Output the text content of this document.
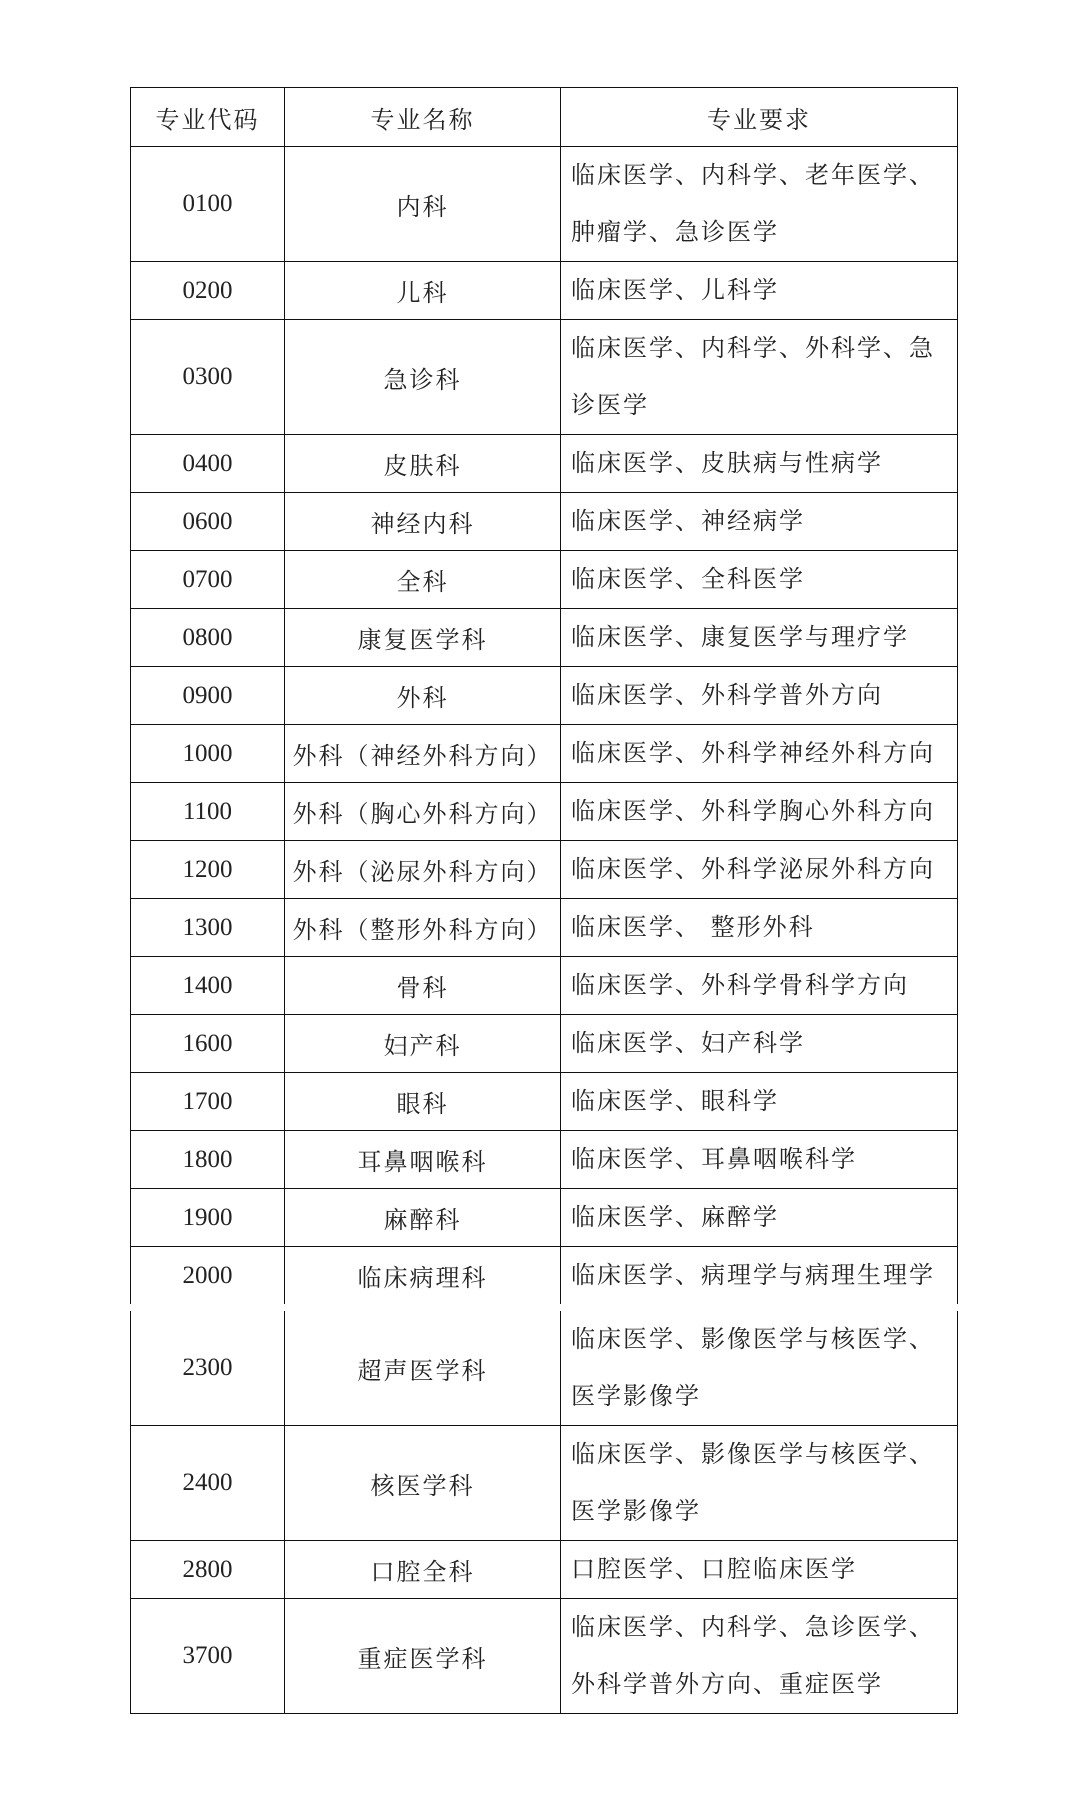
专业代码	专业名称	专业要求
0100	内科	临床医学、内科学、老年医学、肿瘤学、急诊医学
0200	儿科	临床医学、儿科学
0300	急诊科	临床医学、内科学、外科学、急诊医学
0400	皮肤科	临床医学、皮肤病与性病学
0600	神经内科	临床医学、神经病学
0700	全科	临床医学、全科医学
0800	康复医学科	临床医学、康复医学与理疗学
0900	外科	临床医学、外科学普外方向
1000	外科（神经外科方向）	临床医学、外科学神经外科方向
1100	外科（胸心外科方向）	临床医学、外科学胸心外科方向
1200	外科（泌尿外科方向）	临床医学、外科学泌尿外科方向
1300	外科（整形外科方向）	临床医学、 整形外科
1400	骨科	临床医学、外科学骨科学方向
1600	妇产科	临床医学、妇产科学
1700	眼科	临床医学、眼科学
1800	耳鼻咽喉科	临床医学、耳鼻咽喉科学
1900	麻醉科	临床医学、麻醉学
2000	临床病理科	临床医学、病理学与病理生理学
2300	超声医学科	临床医学、影像医学与核医学、医学影像学
2400	核医学科	临床医学、影像医学与核医学、医学影像学
2800	口腔全科	口腔医学、口腔临床医学
3700	重症医学科	临床医学、内科学、急诊医学、外科学普外方向、重症医学
